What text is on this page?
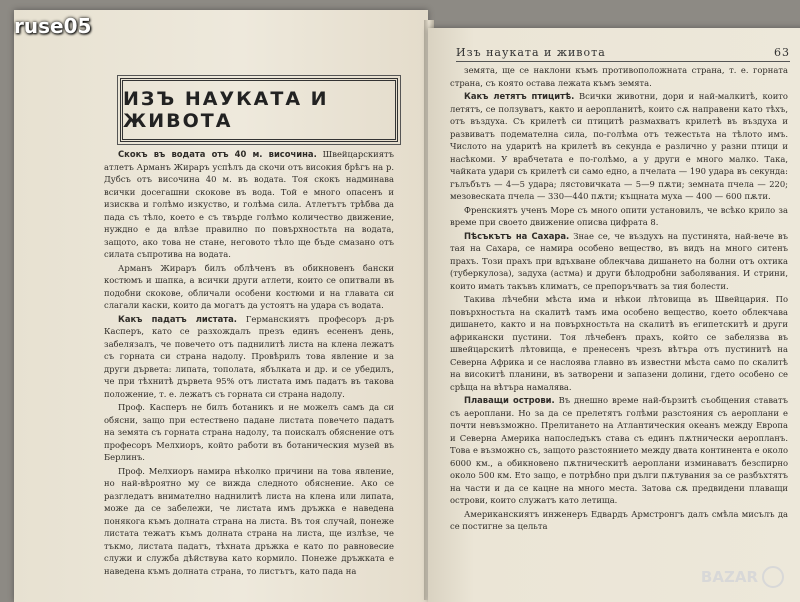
ИЗЪ НАУКАТА И ЖИВОТА

Скокъ въ водата отъ 40 м. височина. Швейцарскиятъ атлетъ Арманъ Жираръ успѣлъ да скочи отъ високия брѣгъ на р. Дубсъ отъ височина 40 м. въ водата. Тоя скокъ надминава всички досегашни скокове въ вода. Той е много опасенъ и изисква и голѣмо изкуство, и голѣма сила. Атлетътъ трѣбва да пада съ тѣло, което е съ твърде голѣмо количество движение, нуждно е да влѣзе правилно по повърхностьта на водата, защото, ако това не стане, неговото тѣло ще бъде смазано отъ силата съпротива на водата.

Арманъ Жираръ билъ облѣченъ въ обикновенъ бански костюмъ и шапка, а всички други атлети, които се опитвали въ подобни скокове, обличали особени костюми и на главата си слагали каски, които да могатъ да устоятъ на удара съ водата.

Какъ падатъ листата. Германскиятъ професоръ д-ръ Касперъ, като се разхождалъ презъ единъ есененъ день, забелязалъ, че повечето отъ паднилитѣ листа на клена лежатъ съ горната си страна надолу. Провѣрилъ това явление и за други дървета: липата, тополата, ябълката и др. и се убедилъ, че при тѣхнитѣ дървета 95% отъ листата имъ падатъ въ такова положение, т. е. лежатъ съ горната си страна надолу.

Проф. Касперъ не билъ ботаникъ и не можелъ самъ да си обясни, защо при естествено падане листата повечето падатъ на земята съ горната страна надолу, та поискалъ обяснение отъ професоръ Мелхиоръ, който работи въ ботаническия музей въ Берлинъ.

Проф. Мелхиоръ намира нѣколко причини на това явление, но най-вѣроятно му се вижда следното обяснение. Ако се разгледатъ внимателно наднилитѣ листа на клена или липата, може да се забележи, че листата имъ дръжка е наведена понякога къмъ долната страна на листа. Въ тоя случай, понеже листата тежатъ къмъ долната страна на листа, ще излѣзе, че тъкмо, листата падатъ, тѣхната дръжка е като по равновесие служи и служба дѣйствува като кормило. Понеже дръжката е наведена къмъ долната страна, то листътъ, като пада на

Изъ науката и живота	63

земята, ще се наклони къмъ противоположната страна, т. е. горната страна, съ която остава лежата къмъ земята.

Какъ летятъ птицитѣ. Всички животни, дори и най-малкитѣ, които летятъ, се ползуватъ, както и аеропланитѣ, които сѫ направени като тѣхъ, отъ въздуха. Съ крилетѣ си птицитѣ размахватъ крилетѣ въ въздуха и развиватъ подемателна сила, по-голѣма отъ тежестьта на тѣлото имъ. Числото на ударитѣ на крилетѣ въ секунда е различно у разни птици и насѣкоми. У врабчетата е по-голѣмо, а у други е много малко. Така, чайката удари съ крилетѣ си само едно, а пчелата — 190 удара въ секунда: гълъбътъ — 4—5 удара; лястовичката — 5—9 пѫти; земната пчела — 220; мезовеската пчела — 330—440 пѫти; къщната муха — 400 — 600 пѫти.

Френскиятъ ученъ Море съ много опити установилъ, че всѣко крило за време при своето движение описва цифрата 8.

Пѣсъкътъ на Сахара. Знае се, че въздухъ на пустинята, най-вече въ тая на Сахара, се намира особено вещество, въ видъ на много ситенъ прахъ. Този прахъ при вдъхване облекчава дишането на болни отъ охтика (туберкулоза), задуха (астма) и други бѣлодробни заболявания. И стрини, които имать такъвъ климатъ, се препоръчватъ за тия болести.

Такива лѣчебни мѣста има и нѣкои лѣтовища въ Швейцария. По повърхностьта на скалитѣ тамъ има особено вещество, което облекчава дишането, както и на повърхностьта на скалитѣ въ египетскитѣ и други африкански пустини. Тоя лѣчебенъ прахъ, който се забелязва въ швейцарскитѣ лѣтовища, е пренесенъ чрезъ вѣтъра отъ пустинитѣ на Северна Африка и се наслоява главно въ известни мѣста само по скалитѣ на високитѣ планини, въ затворени и запазени долини, гдето особено се срѣща на вѣтъра намалява.

Плаващи острови. Въ днешно време най-бързитѣ съобщения ставатъ съ аероплани. Но за да се прелетятъ голѣми разстояния съ аероплани е почти невъзможно. Прелитането на Атлантическия океанъ между Европа и Северна Америка напоследъкъ става съ единъ пѫтнически аеропланъ. Това е възможно съ, защото разстоянието между двата континента е около 6000 км., а обикновено пѫтническитѣ аероплани изминаватъ безспирно около 500 км. Ето защо, е потрѣбно при дълги пѫтувания за се разбъхтятъ на части и да се кацне на много места. Затова сѫ предвидени плаващи острови, които служатъ като летища.

Американскиятъ инженеръ Едвардъ Армстронгъ далъ смѣла мисълъ да се постигне за цельта

ruse05
BAZAR
